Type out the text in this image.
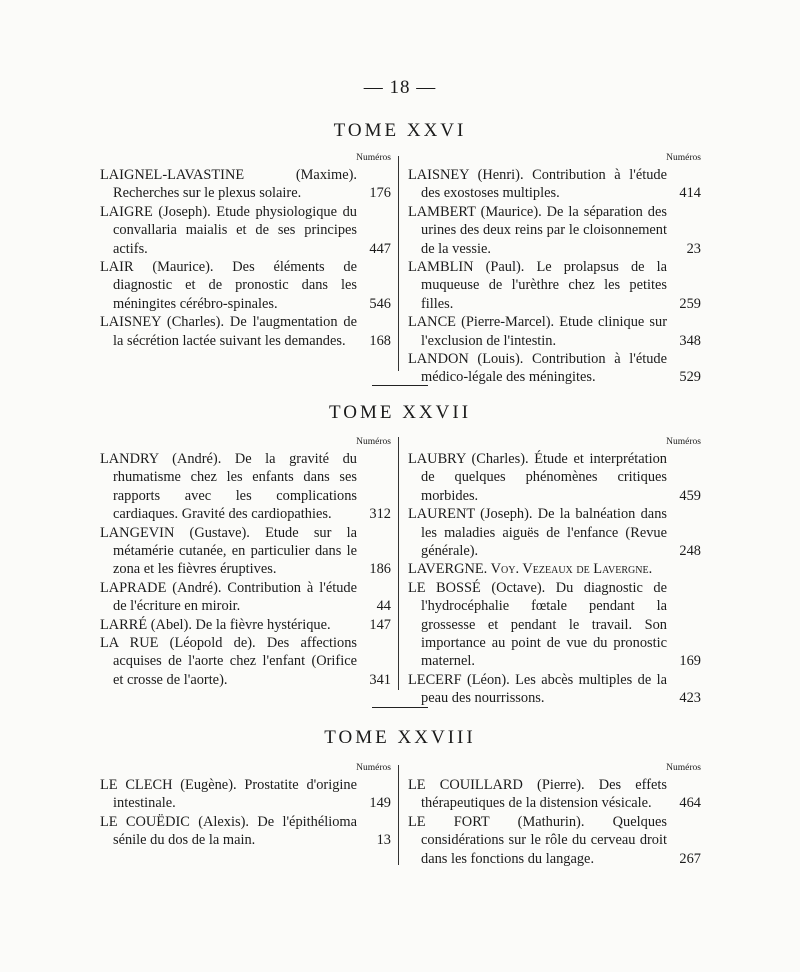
— 18 —
TOME XXVI
Numéros
LAIGNEL-LAVASTINE (Maxime). Recherches sur le plexus solaire.	176
LAIGRE (Joseph). Etude physiologique du convallaria maialis et de ses principes actifs.	447
LAIR (Maurice). Des éléments de diagnostic et de pronostic dans les méningites cérébro-spinales.	546
LAISNEY (Charles). De l'augmentation de la sécrétion lactée suivant les demandes. 168
Numéros
LAISNEY (Henri). Contribution à l'étude des exostoses multiples.	414
LAMBERT (Maurice). De la séparation des urines des deux reins par le cloisonnement de la vessie.	23
LAMBLIN (Paul). Le prolapsus de la muqueuse de l'urèthre chez les petites filles.	259
LANCE (Pierre-Marcel). Etude clinique sur l'exclusion de l'intestin.	348
LANDON (Louis). Contribution à l'étude médico-légale des méningites.	529
TOME XXVII
Numéros
LANDRY (André). De la gravité du rhumatisme chez les enfants dans ses rapports avec les complications cardiaques. Gravité des cardiopathies.	312
LANGEVIN (Gustave). Etude sur la métamérie cutanée, en particulier dans le zona et les fièvres éruptives.	186
LAPRADE (André). Contribution à l'étude de l'écriture en miroir.	44
LARRÉ (Abel). De la fièvre hystérique.	147
LA RUE (Léopold de). Des affections acquises de l'aorte chez l'enfant (Orifice et crosse de l'aorte).	341
Numéros
LAUBRY (Charles). Étude et interprétation de quelques phénomènes critiques morbides.	459
LAURENT (Joseph). De la balnéation dans les maladies aiguës de l'enfance (Revue générale).	248
LAVERGNE. Voy. Vezeaux de Lavergne.
LE BOSSÉ (Octave). Du diagnostic de l'hydrocéphalie fœtale pendant la grossesse et pendant le travail. Son importance au point de vue du pronostic maternel.	169
LECERF (Léon). Les abcès multiples de la peau des nourrissons.	423
TOME XXVIII
Numéros
LE CLECH (Eugène). Prostatite d'origine intestinale.	149
LE COUËDIC (Alexis). De l'épithélioma sénile du dos de la main.	13
Numéros
LE COUILLARD (Pierre). Des effets thérapeutiques de la distension vésicale. 464
LE FORT (Mathurin). Quelques considérations sur le rôle du cerveau droit dans les fonctions du langage.	267
